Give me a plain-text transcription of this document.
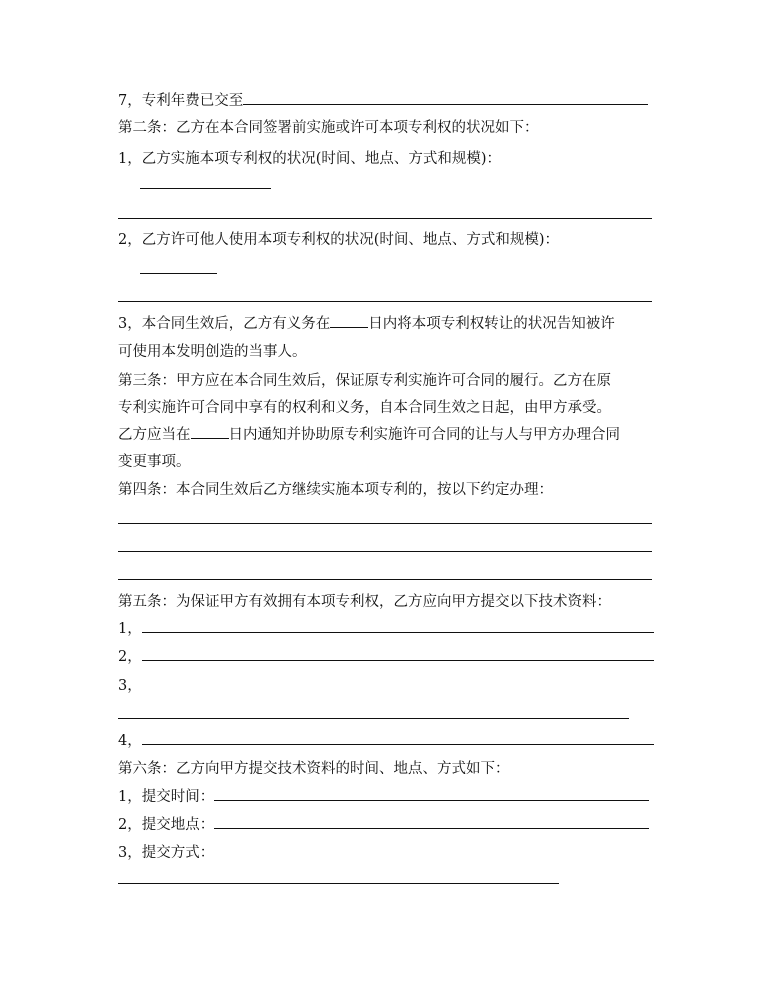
7，专利年费已交至
第二条：乙方在本合同签署前实施或许可本项专利权的状况如下：
1，乙方实施本项专利权的状况(时间、地点、方式和规模)：
2，乙方许可他人使用本项专利权的状况(时间、地点、方式和规模)：
3，本合同生效后，乙方有义务在	日内将本项专利权转让的状况告知被许
可使用本发明创造的当事人。
第三条：甲方应在本合同生效后，保证原专利实施许可合同的履行。乙方在原
专利实施许可合同中享有的权利和义务，自本合同生效之日起，由甲方承受。
乙方应当在	日内通知并协助原专利实施许可合同的让与人与甲方办理合同
变更事项。
第四条：本合同生效后乙方继续实施本项专利的，按以下约定办理：
第五条：为保证甲方有效拥有本项专利权，乙方应向甲方提交以下技术资料：
1，
2，
3，
4，
第六条：乙方向甲方提交技术资料的时间、地点、方式如下：
1，提交时间：
2，提交地点：
3，提交方式：
